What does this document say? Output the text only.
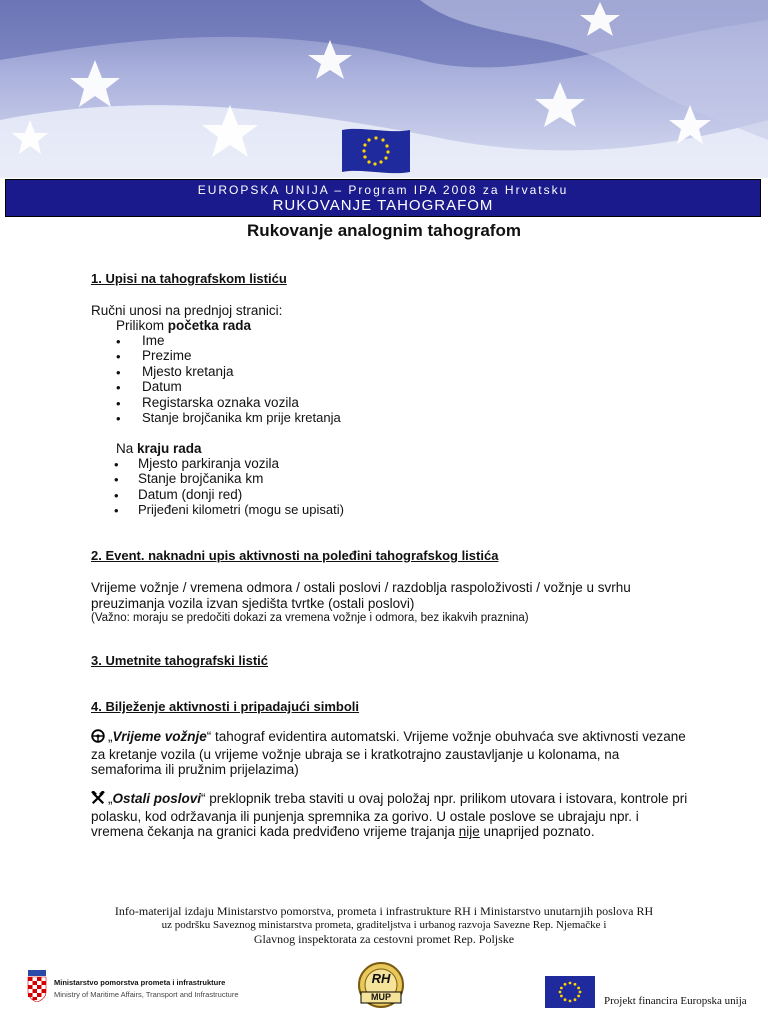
EUROPSKA UNIJA – Program IPA 2008 za Hrvatsku
RUKOVANJE TAHOGRAFOM
Rukovanje analognim tahografom
1. Upisi na tahografskom listiću
Ručni unosi na prednjoj stranici:
Prilikom početka rada
• Ime
• Prezime
• Mjesto kretanja
• Datum
• Registarska oznaka vozila
• Stanje brojčanika km prije kretanja
Na kraju rada
• Mjesto parkiranja vozila
• Stanje brojčanika km
• Datum (donji red)
• Prijeđeni kilometri (mogu se upisati)
2. Event. naknadni upis aktivnosti na poleđini tahografskog listića
Vrijeme vožnje / vremena odmora / ostali poslovi / razdoblja raspoloživosti / vožnje u svrhu preuzimanja vozila izvan sjedišta tvrtke (ostali poslovi)
(Važno: moraju se predočiti dokazi za vremena vožnje i odmora, bez ikakvih praznina)
3. Umetnite tahografski listić
4. Bilježenje aktivnosti i pripadajući simboli
„Vrijeme vožnje“ tahograf evidentira automatski. Vrijeme vožnje obuhvaća sve aktivnosti vezane za kretanje vozila (u vrijeme vožnje ubraja se i kratkotrajno zaustavljanje u kolonama, na semaforima ili pružnim prijelazima)
„Ostali poslovi“ preklopnik treba staviti u ovaj položaj npr. prilikom utovara i istovara, kontrole pri polasku, kod održavanja ili punjenja spremnika za gorivo. U ostale poslove se ubrajaju npr. i vremena čekanja na granici kada predviđeno vrijeme trajanja nije unaprijed poznato.
Info-materijal izdaju Ministarstvo pomorstva, prometa i infrastrukture RH i Ministarstvo unutarnjih poslova RH
uz podršku Saveznog ministarstva prometa, graditeljstva i urbanog razvoja Savezne Rep. Njemačke i
Glavnog inspektorata za cestovni promet Rep. Poljske
Ministarstvo pomorstva prometa i infrastrukture
Ministry of Maritime Affairs, Transport and Infrastructure
RH
MUP	Projekt financira Europska unija
